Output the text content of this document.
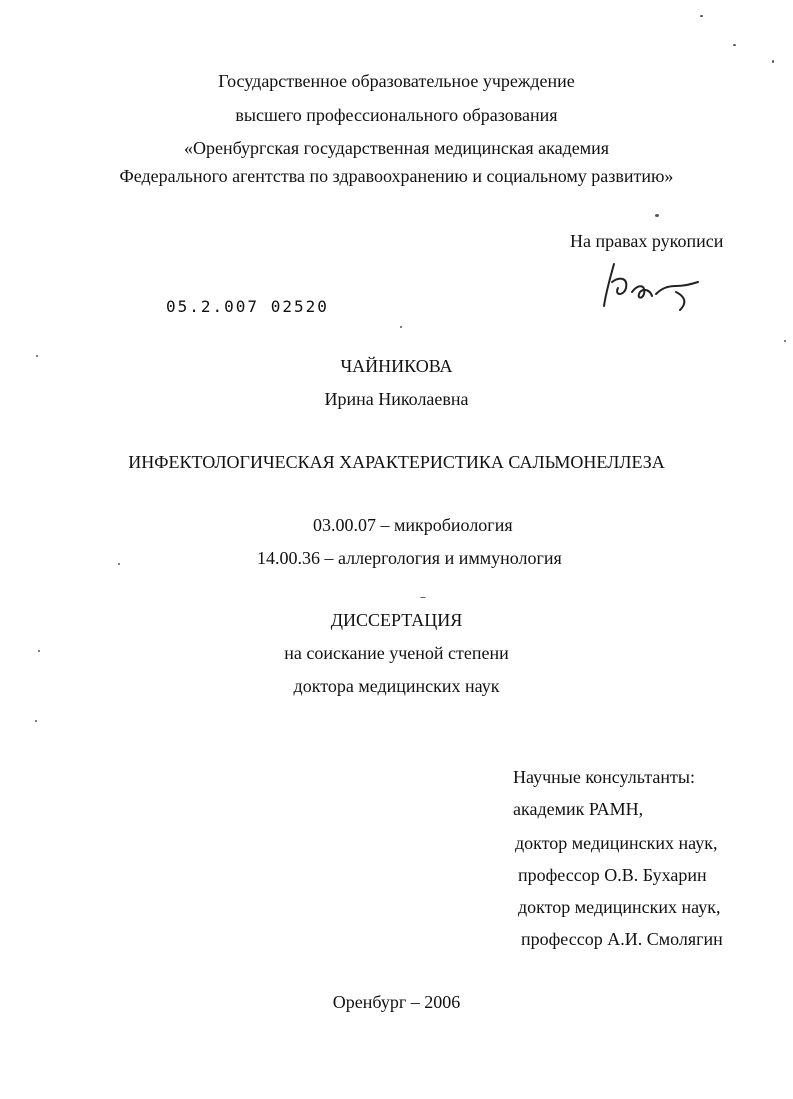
Государственное образовательное учреждение
высшего профессионального образования
«Оренбургская государственная медицинская академия
Федерального агентства по здравоохранению и социальному развитию»
На правах рукописи
05.2.007 02520
ЧАЙНИКОВА
Ирина Николаевна
ИНФЕКТОЛОГИЧЕСКАЯ ХАРАКТЕРИСТИКА САЛЬМОНЕЛЛЕЗА
03.00.07 – микробиология
14.00.36 – аллергология и иммунология
ДИССЕРТАЦИЯ
на соискание ученой степени
доктора медицинских наук
Научные консультанты:
академик РАМН,
доктор медицинских наук,
профессор О.В. Бухарин
доктор медицинских наук,
профессор А.И. Смолягин
Оренбург – 2006
